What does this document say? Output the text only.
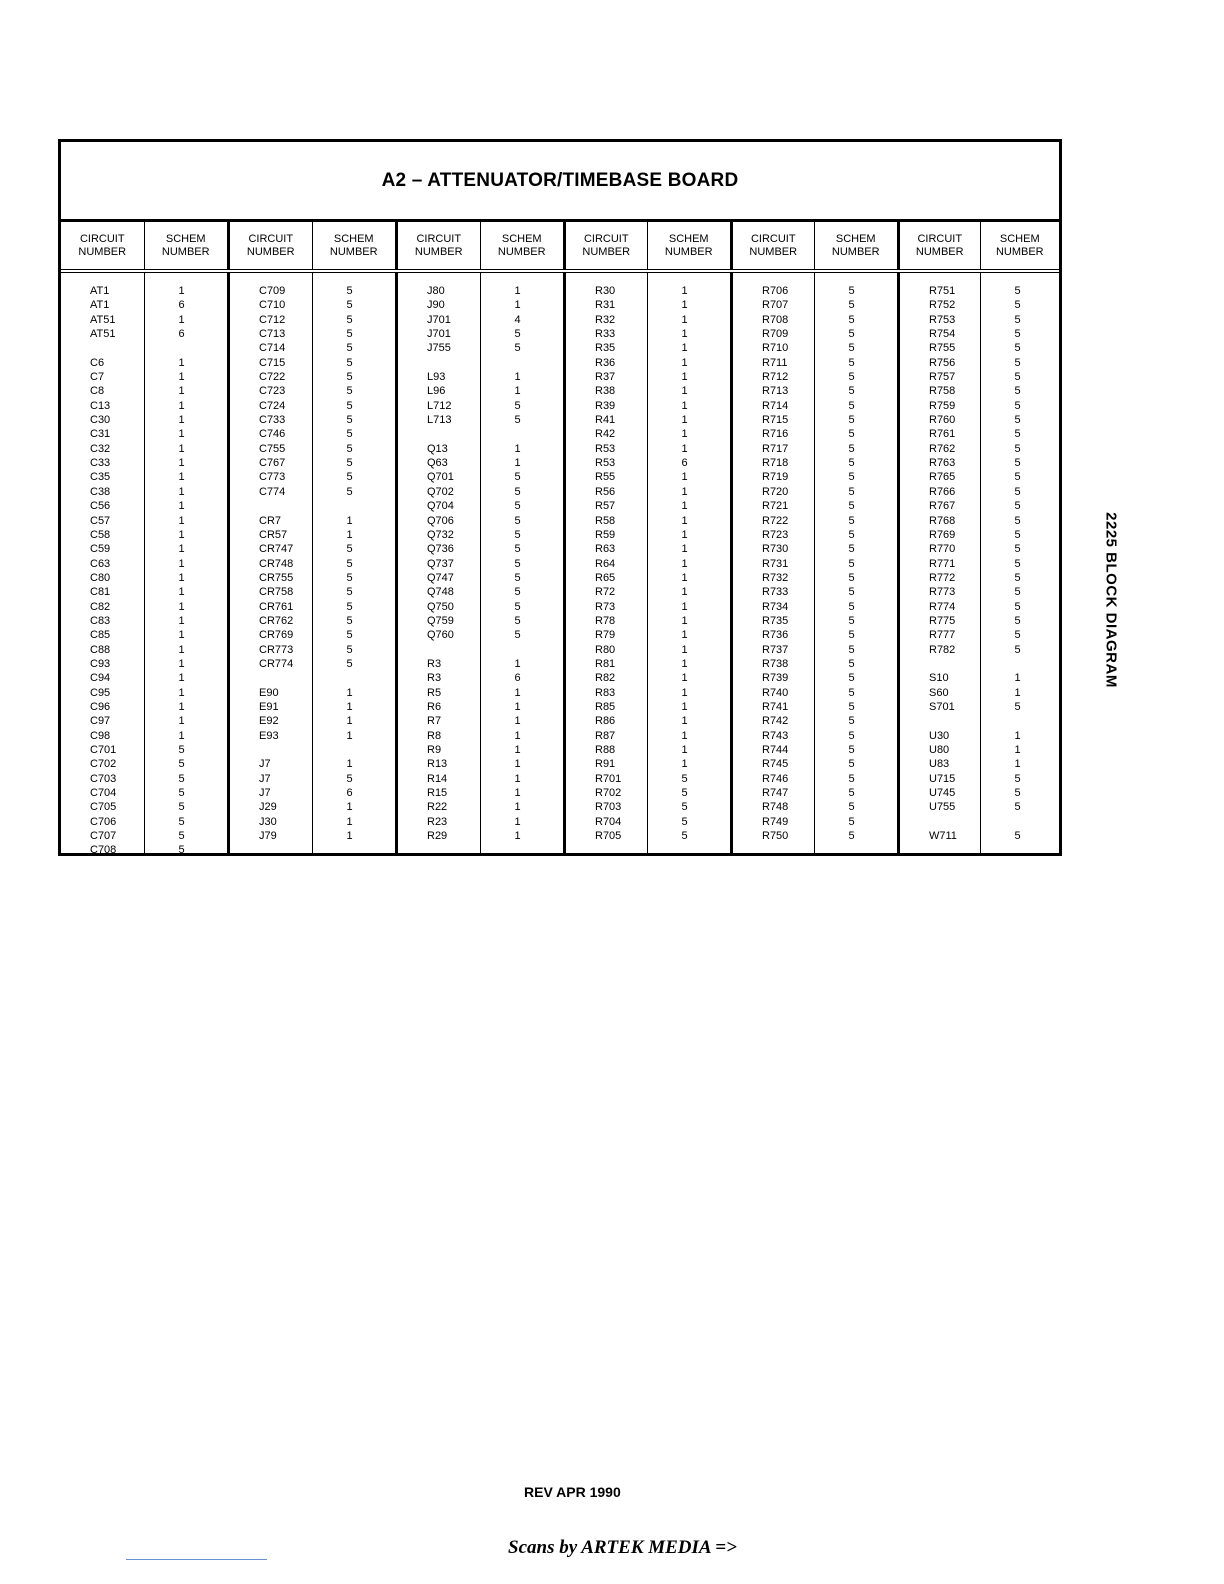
A2 – ATTENUATOR/TIMEBASE BOARD
CIRCUIT
NUMBER
SCHEM
NUMBER
CIRCUIT
NUMBER
SCHEM
NUMBER
CIRCUIT
NUMBER
SCHEM
NUMBER
CIRCUIT
NUMBER
SCHEM
NUMBER
CIRCUIT
NUMBER
SCHEM
NUMBER
CIRCUIT
NUMBER
SCHEM
NUMBER
AT1
AT1
AT51
AT51
C6
C7
C8
C13
C30
C31
C32
C33
C35
C38
C56
C57
C58
C59
C63
C80
C81
C82
C83
C85
C88
C93
C94
C95
C96
C97
C98
C701
C702
C703
C704
C705
C706
C707
C708
1
6
1
6
1
1
1
1
1
1
1
1
1
1
1
1
1
1
1
1
1
1
1
1
1
1
1
1
1
1
1
5
5
5
5
5
5
5
5
C709
C710
C712
C713
C714
C715
C722
C723
C724
C733
C746
C755
C767
C773
C774
CR7
CR57
CR747
CR748
CR755
CR758
CR761
CR762
CR769
CR773
CR774
E90
E91
E92
E93
J7
J7
J7
J29
J30
J79
5
5
5
5
5
5
5
5
5
5
5
5
5
5
5
1
1
5
5
5
5
5
5
5
5
5
1
1
1
1
1
5
6
1
1
1
J80
J90
J701
J701
J755
L93
L96
L712
L713
Q13
Q63
Q701
Q702
Q704
Q706
Q732
Q736
Q737
Q747
Q748
Q750
Q759
Q760
R3
R3
R5
R6
R7
R8
R9
R13
R14
R15
R22
R23
R29
1
1
4
5
5
1
1
5
5
1
1
5
5
5
5
5
5
5
5
5
5
5
5
1
6
1
1
1
1
1
1
1
1
1
1
1
R30
R31
R32
R33
R35
R36
R37
R38
R39
R41
R42
R53
R53
R55
R56
R57
R58
R59
R63
R64
R65
R72
R73
R78
R79
R80
R81
R82
R83
R85
R86
R87
R88
R91
R701
R702
R703
R704
R705
1
1
1
1
1
1
1
1
1
1
1
1
6
1
1
1
1
1
1
1
1
1
1
1
1
1
1
1
1
1
1
1
1
1
5
5
5
5
5
R706
R707
R708
R709
R710
R711
R712
R713
R714
R715
R716
R717
R718
R719
R720
R721
R722
R723
R730
R731
R732
R733
R734
R735
R736
R737
R738
R739
R740
R741
R742
R743
R744
R745
R746
R747
R748
R749
R750
5
5
5
5
5
5
5
5
5
5
5
5
5
5
5
5
5
5
5
5
5
5
5
5
5
5
5
5
5
5
5
5
5
5
5
5
5
5
5
R751
R752
R753
R754
R755
R756
R757
R758
R759
R760
R761
R762
R763
R765
R766
R767
R768
R769
R770
R771
R772
R773
R774
R775
R777
R782
S10
S60
S701
U30
U80
U83
U715
U745
U755
W711
5
5
5
5
5
5
5
5
5
5
5
5
5
5
5
5
5
5
5
5
5
5
5
5
5
5
1
1
5
1
1
1
5
5
5
5
2225 BLOCK DIAGRAM
REV APR 1990
Scans by ARTEK MEDIA =>
